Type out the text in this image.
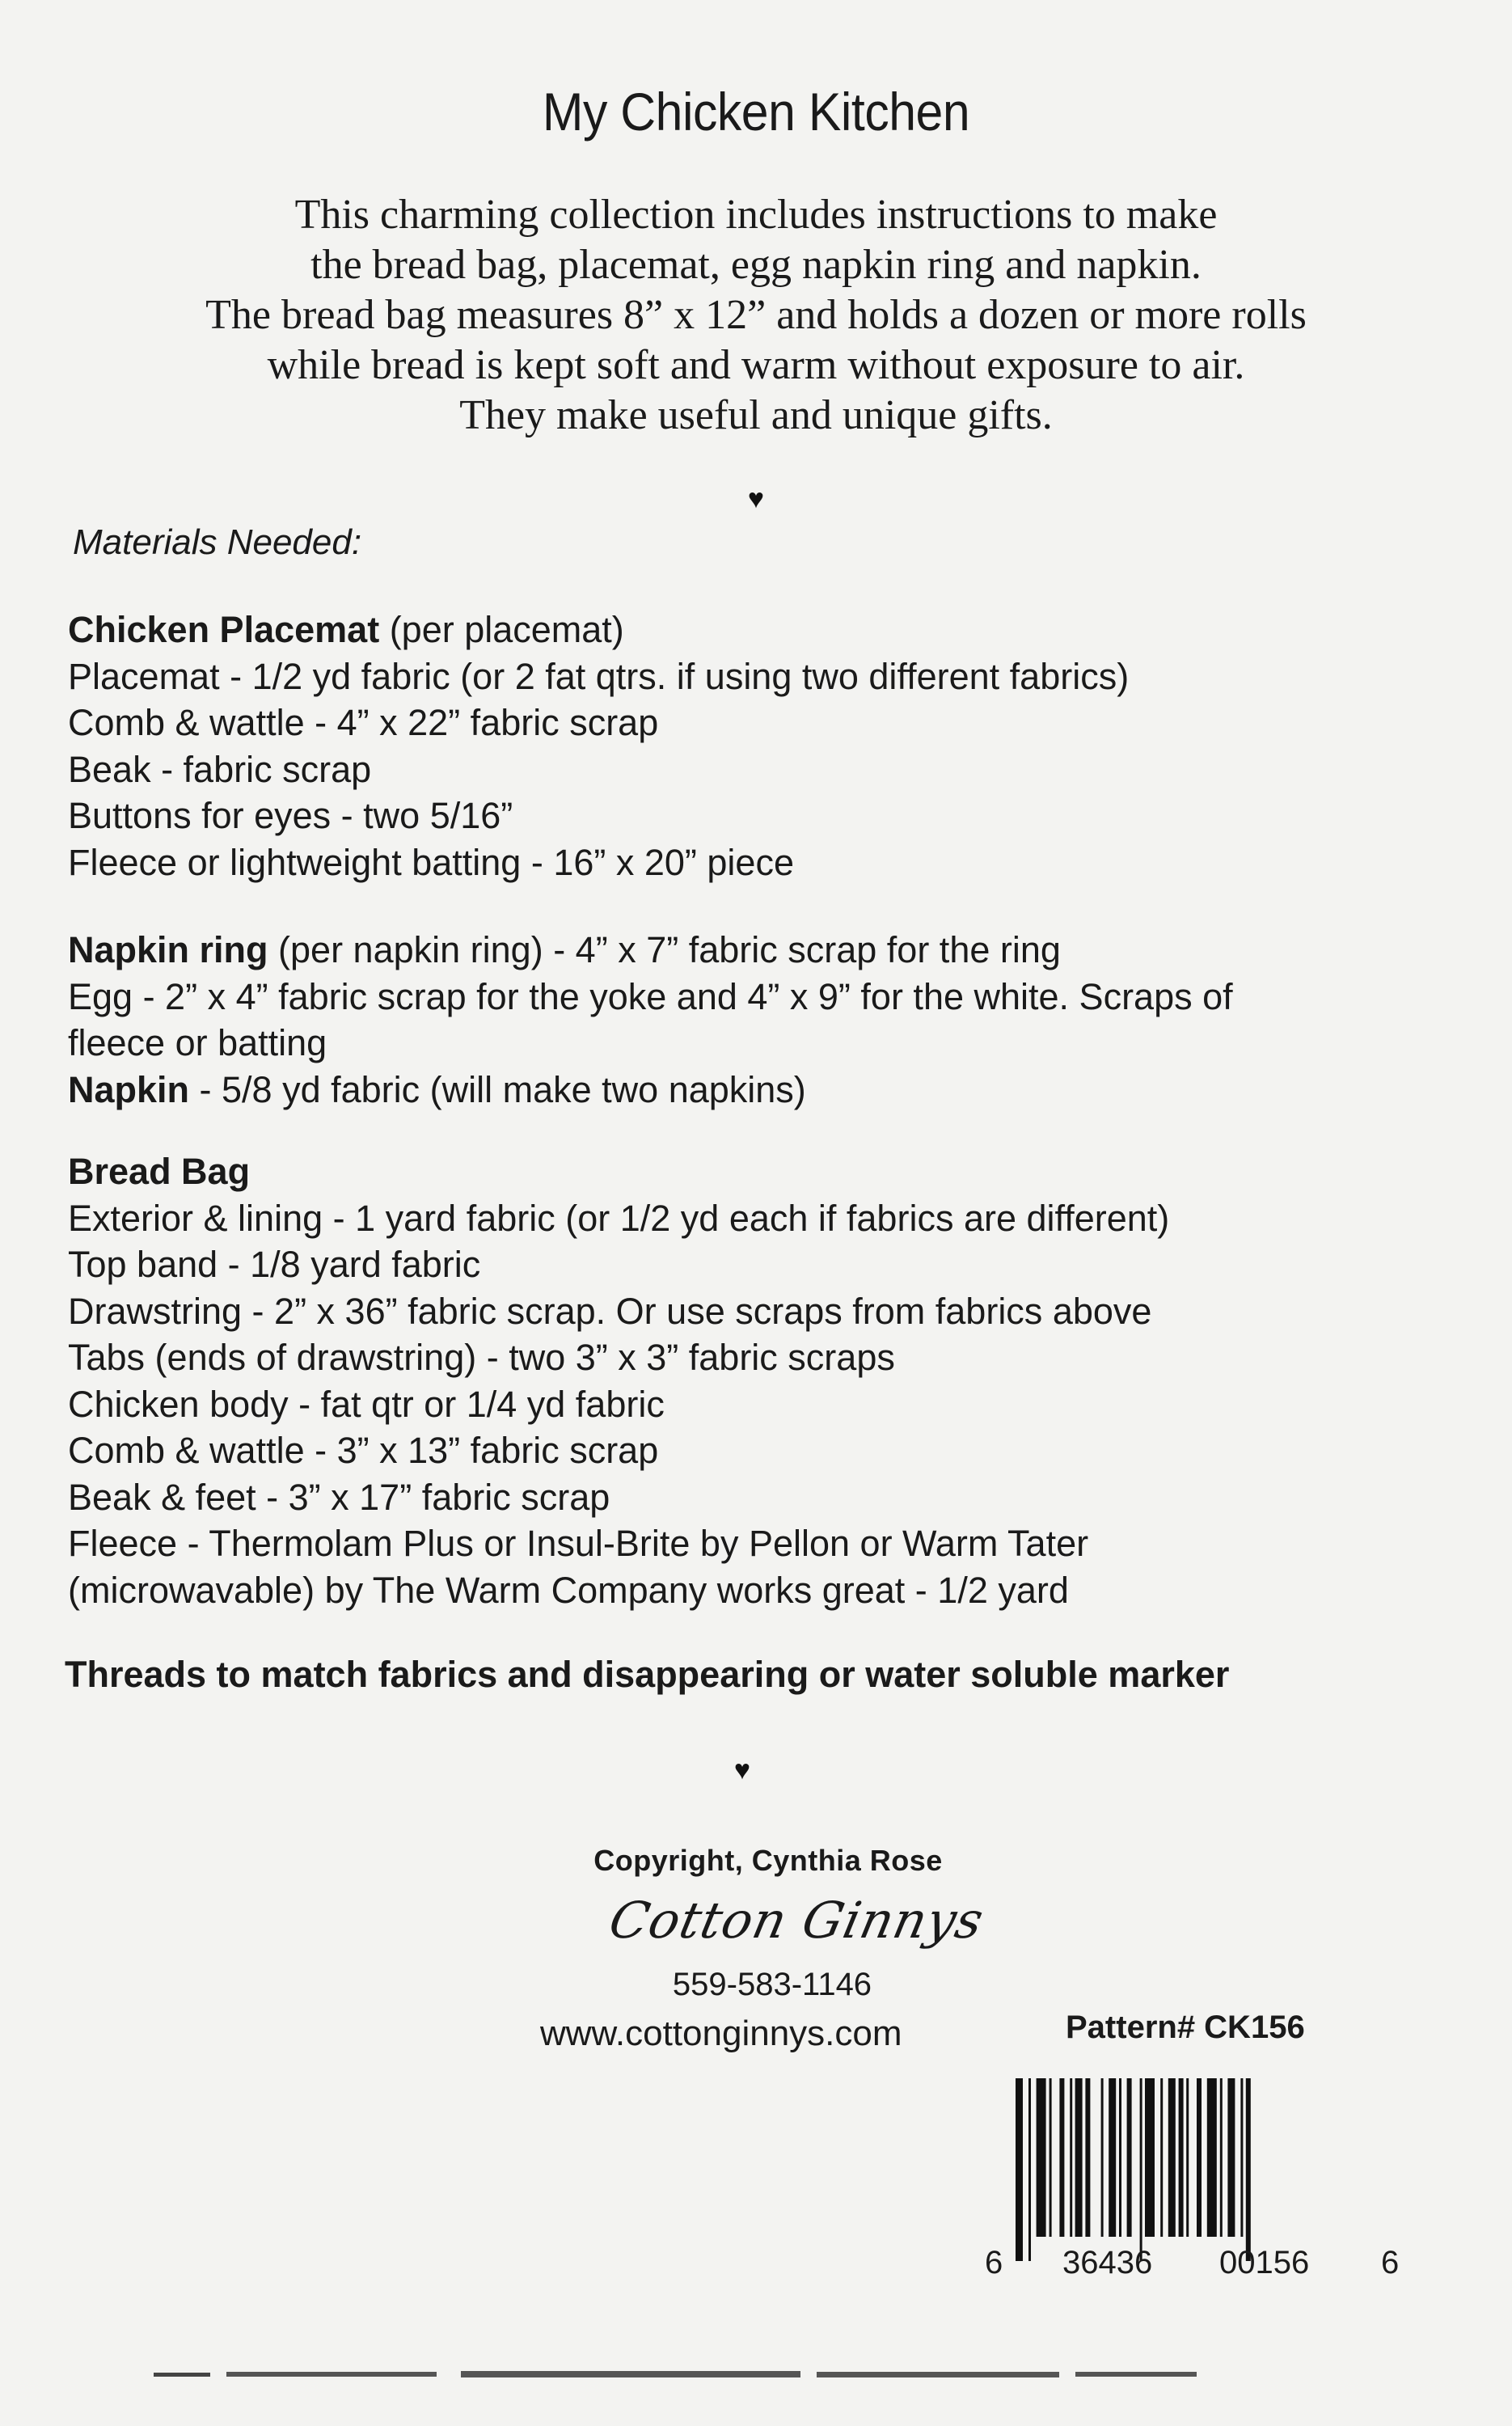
My Chicken Kitchen
This charming collection includes instructions to make
the bread bag, placemat, egg napkin ring and napkin.
The bread bag measures 8” x 12” and holds a dozen or more rolls
while bread is kept soft and warm without exposure to air.
They make useful and unique gifts.
♥
Materials Needed:
Chicken Placemat (per placemat)
Placemat - 1/2 yd fabric (or 2 fat qtrs. if using two different fabrics)
Comb & wattle - 4” x 22” fabric scrap
Beak - fabric scrap
Buttons for eyes - two 5/16”
Fleece or lightweight batting - 16” x 20” piece
Napkin ring (per napkin ring) - 4” x 7” fabric scrap for the ring
Egg - 2” x 4” fabric scrap for the yoke and 4” x 9” for the white. Scraps of fleece or batting
Napkin - 5/8 yd fabric (will make two napkins)
Bread Bag
Exterior & lining - 1 yard fabric (or 1/2 yd each if fabrics are different)
Top band - 1/8 yard fabric
Drawstring - 2” x 36” fabric scrap. Or use scraps from fabrics above
Tabs (ends of drawstring) - two 3” x 3” fabric scraps
Chicken body - fat qtr or 1/4 yd fabric
Comb & wattle - 3” x 13” fabric scrap
Beak & feet - 3” x 17” fabric scrap
Fleece - Thermolam Plus or Insul-Brite by Pellon or Warm Tater
(microwavable) by The Warm Company works great - 1/2 yard
Threads to match fabrics and disappearing or water soluble marker
♥
Copyright, Cynthia Rose
Cotton Ginnys
559-583-1146
www.cottonginnys.com	Pattern# CK156
6 36436 00156 6
